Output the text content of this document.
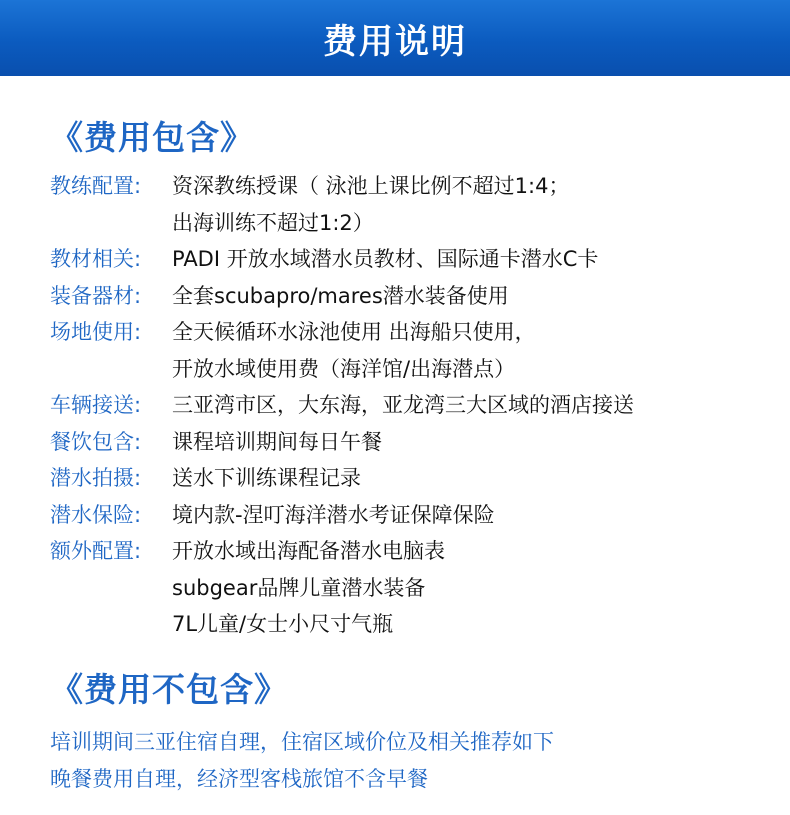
费用说明
《费用包含》
教练配置:	资深教练授课（ 泳池上课比例不超过1:4；
出海训练不超过1:2）
教材相关:	PADI 开放水域潜水员教材、国际通卡潜水C卡
装备器材:	全套scubapro/mares潜水装备使用
场地使用:	全天候循环水泳池使用 出海船只使用，
开放水域使用费（海洋馆/出海潜点）
车辆接送:	三亚湾市区，大东海，亚龙湾三大区域的酒店接送
餐饮包含:	课程培训期间每日午餐
潜水拍摄:	送水下训练课程记录
潜水保险:	境内款-涅叮海洋潜水考证保障保险
额外配置:	开放水域出海配备潜水电脑表
subgear品牌儿童潜水装备
7L儿童/女士小尺寸气瓶
《费用不包含》
培训期间三亚住宿自理，住宿区域价位及相关推荐如下
晚餐费用自理，经济型客栈旅馆不含早餐
